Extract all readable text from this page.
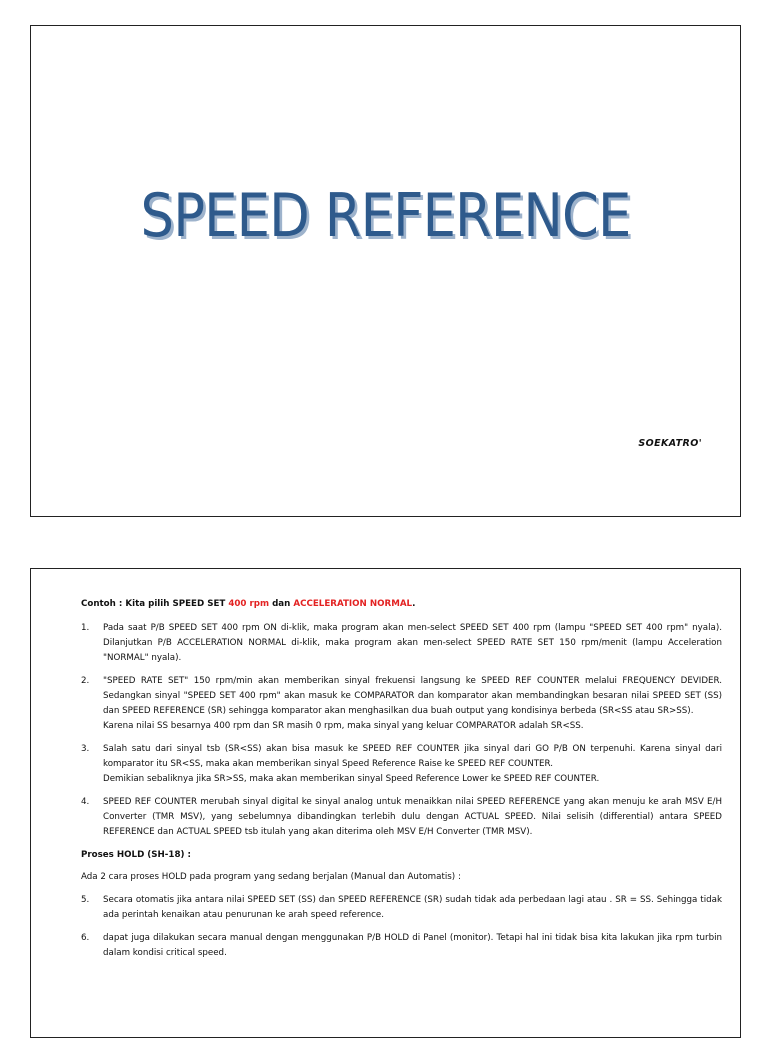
SPEED REFERENCE
SOEKATRO'

Contoh : Kita pilih SPEED SET 400 rpm dan ACCELERATION NORMAL.

1.	Pada saat P/B SPEED SET 400 rpm ON di-klik, maka program akan men-select SPEED SET 400 rpm (lampu "SPEED SET 400 rpm" nyala). Dilanjutkan P/B ACCELERATION NORMAL di-klik, maka program akan men-select SPEED RATE SET 150 rpm/menit (lampu Acceleration "NORMAL" nyala).
2.	"SPEED RATE SET" 150 rpm/min akan memberikan sinyal frekuensi langsung ke SPEED REF COUNTER melalui FREQUENCY DEVIDER. Sedangkan sinyal "SPEED SET 400 rpm" akan masuk ke COMPARATOR dan komparator akan membandingkan besaran nilai SPEED SET (SS) dan SPEED REFERENCE (SR) sehingga komparator akan menghasilkan dua buah output yang kondisinya berbeda (SR<SS atau SR>SS).
Karena nilai SS besarnya 400 rpm dan SR masih 0 rpm, maka sinyal yang keluar COMPARATOR adalah SR<SS.
3.	Salah satu dari sinyal tsb (SR<SS) akan bisa masuk ke SPEED REF COUNTER jika sinyal dari GO P/B ON terpenuhi. Karena sinyal dari komparator itu SR<SS, maka akan memberikan sinyal Speed Reference Raise ke SPEED REF COUNTER.
Demikian sebaliknya jika SR>SS, maka akan memberikan sinyal Speed Reference Lower ke SPEED REF COUNTER.
4.	SPEED REF COUNTER merubah sinyal digital ke sinyal analog untuk menaikkan nilai SPEED REFERENCE yang akan menuju ke arah MSV E/H Converter (TMR MSV), yang sebelumnya dibandingkan terlebih dulu dengan ACTUAL SPEED. Nilai selisih (differential) antara SPEED REFERENCE dan ACTUAL SPEED tsb itulah yang akan diterima oleh MSV E/H Converter (TMR MSV).

Proses HOLD (SH-18) :

Ada 2 cara proses HOLD pada program yang sedang berjalan (Manual dan Automatis) :

5.	Secara otomatis jika antara nilai SPEED SET (SS) dan SPEED REFERENCE (SR) sudah tidak ada perbedaan lagi atau . SR = SS. Sehingga tidak ada perintah kenaikan atau penurunan ke arah speed reference.
6.	dapat juga dilakukan secara manual dengan menggunakan P/B HOLD di Panel (monitor). Tetapi hal ini tidak bisa kita lakukan jika rpm turbin dalam kondisi critical speed.
